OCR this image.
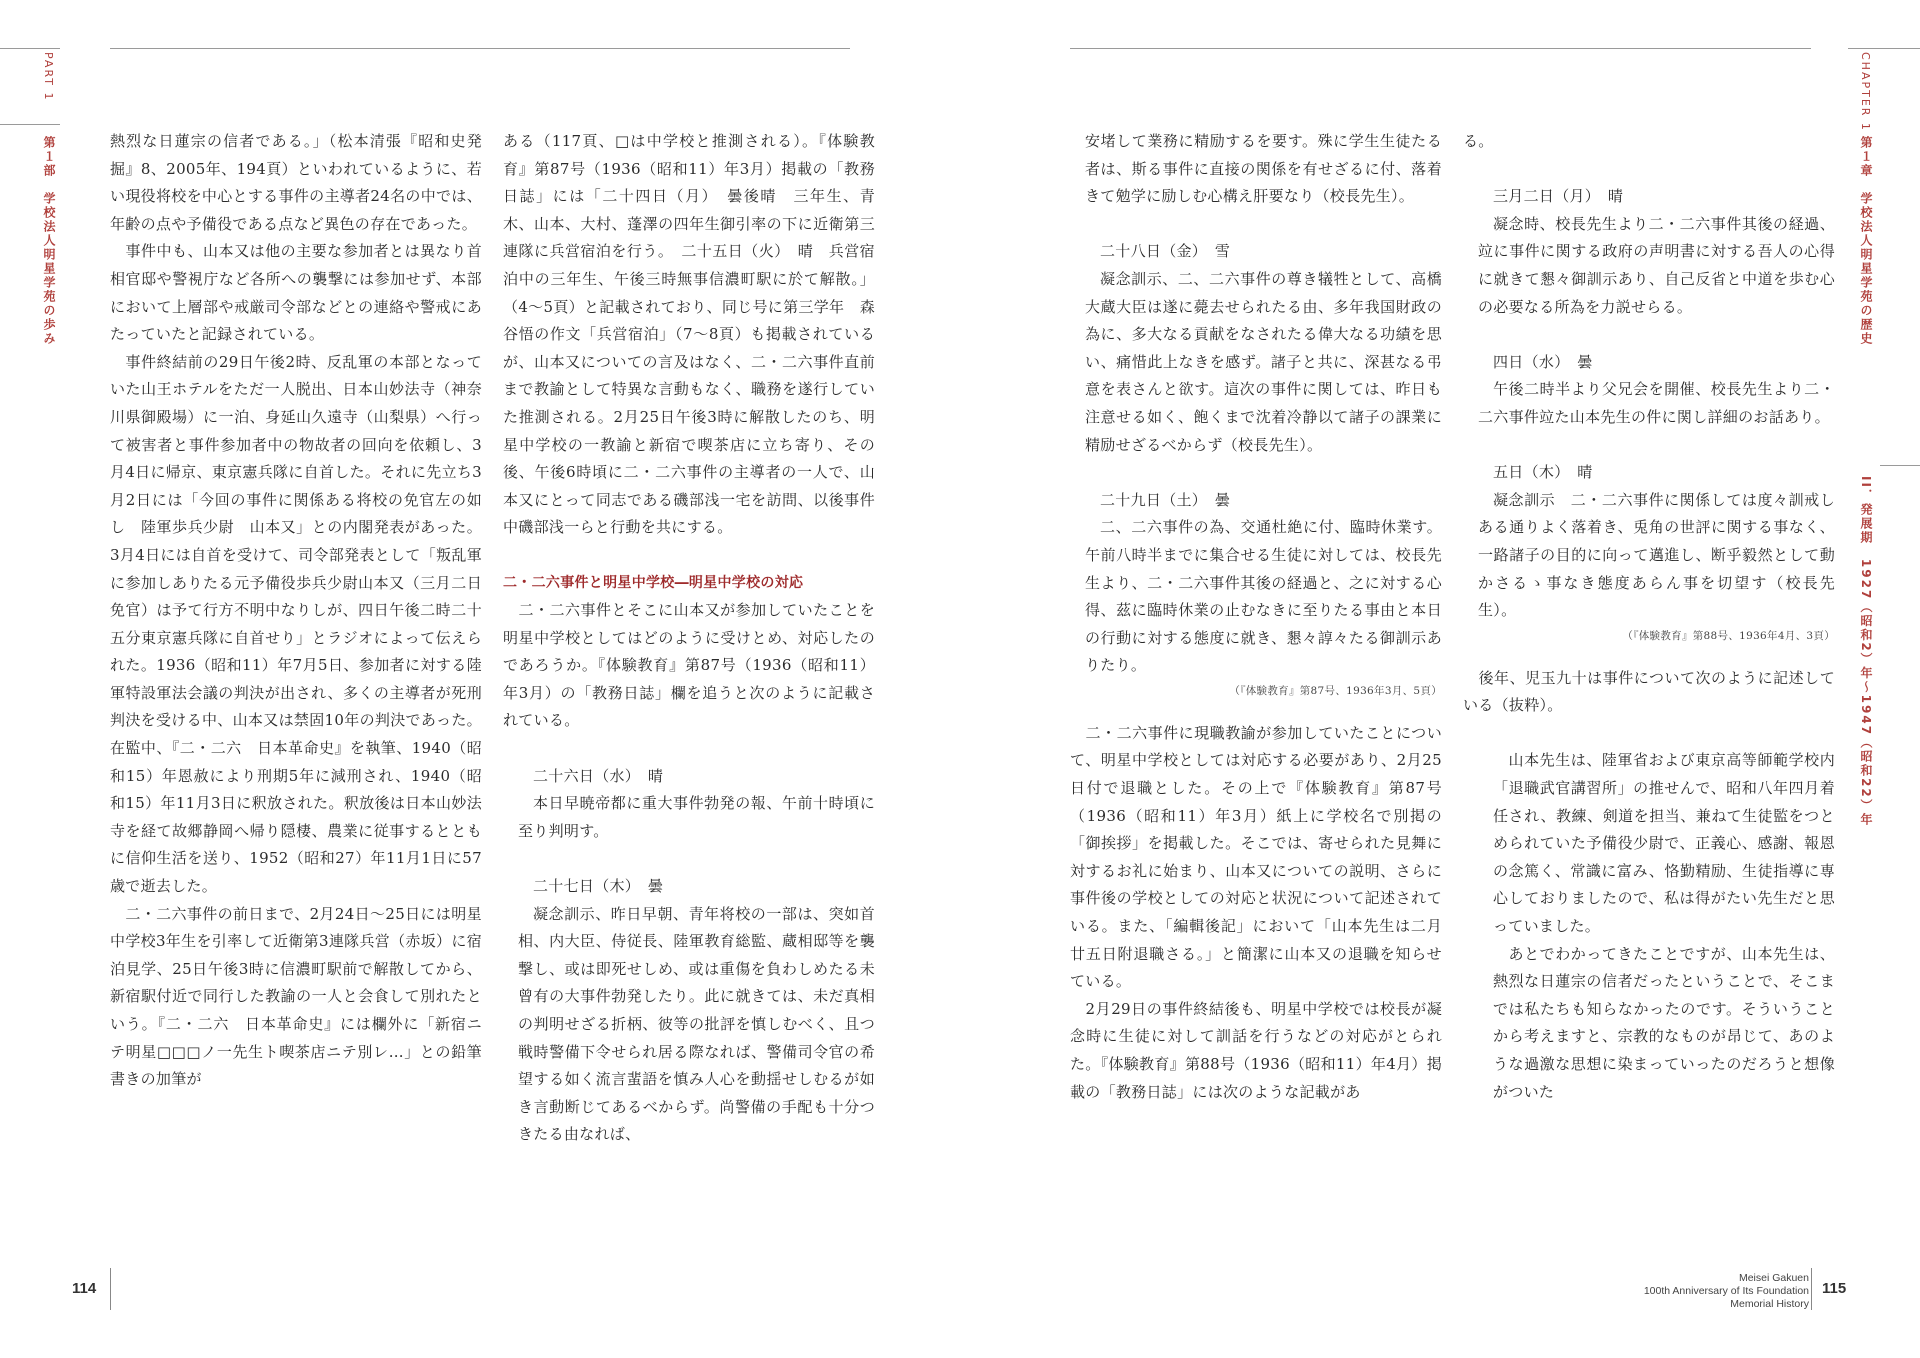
PART 1
第１部　学校法人明星学苑の歩み
CHAPTER 1
第１章　学校法人明星学苑の歴史
II．発展期　1927（昭和2）年〜1947（昭和22）年

熱烈な日蓮宗の信者である。」（松本清張『昭和史発掘』8、2005年、194頁）といわれているように、若い現役将校を中心とする事件の主導者24名の中では、年齢の点や予備役である点など異色の存在であった。

　事件中も、山本又は他の主要な参加者とは異なり首相官邸や警視庁など各所への襲撃には参加せず、本部において上層部や戒厳司令部などとの連絡や警戒にあたっていたと記録されている。

　事件終結前の29日午後2時、反乱軍の本部となっていた山王ホテルをただ一人脱出、日本山妙法寺（神奈川県御殿場）に一泊、身延山久遠寺（山梨県）へ行って被害者と事件参加者中の物故者の回向を依頼し、3月4日に帰京、東京憲兵隊に自首した。それに先立ち3月2日には「今回の事件に関係ある将校の免官左の如し　陸軍歩兵少尉　山本又」との内閣発表があった。3月4日には自首を受けて、司令部発表として「叛乱軍に参加しありたる元予備役歩兵少尉山本又（三月二日免官）は予て行方不明中なりしが、四日午後二時二十五分東京憲兵隊に自首せり」とラジオによって伝えられた。1936（昭和11）年7月5日、参加者に対する陸軍特設軍法会議の判決が出され、多くの主導者が死刑判決を受ける中、山本又は禁固10年の判決であった。在監中、『二・二六　日本革命史』を執筆、1940（昭和15）年恩赦により刑期5年に減刑され、1940（昭和15）年11月3日に釈放された。釈放後は日本山妙法寺を経て故郷静岡へ帰り隠棲、農業に従事するとともに信仰生活を送り、1952（昭和27）年11月1日に57歳で逝去した。

　二・二六事件の前日まで、2月24日～25日には明星中学校3年生を引率して近衛第3連隊兵営（赤坂）に宿泊見学、25日午後3時に信濃町駅前で解散してから、新宿駅付近で同行した教諭の一人と会食して別れたという。『二・二六　日本革命史』には欄外に「新宿ニテ明星□□□ノ一先生ト喫茶店ニテ別レ…」との鉛筆書きの加筆が

ある（117頁、□は中学校と推測される）。『体験教育』第87号（1936（昭和11）年3月）掲載の「教務日誌」には「二十四日（月）　曇後晴　三年生、青木、山本、大村、蓬澤の四年生御引率の下に近衛第三連隊に兵営宿泊を行う。　二十五日（火）　晴　兵営宿泊中の三年生、午後三時無事信濃町駅に於て解散。」（4～5頁）と記載されており、同じ号に第三学年　森谷悟の作文「兵営宿泊」（7～8頁）も掲載されているが、山本又についての言及はなく、二・二六事件直前まで教諭として特異な言動もなく、職務を遂行していた推測される。2月25日午後3時に解散したのち、明星中学校の一教諭と新宿で喫茶店に立ち寄り、その後、午後6時頃に二・二六事件の主導者の一人で、山本又にとって同志である磯部浅一宅を訪問、以後事件中磯部浅一らと行動を共にする。

二・二六事件と明星中学校―明星中学校の対応

　二・二六事件とそこに山本又が参加していたことを明星中学校としてはどのように受けとめ、対応したのであろうか。『体験教育』第87号（1936（昭和11）年3月）の「教務日誌」欄を追うと次のように記載されている。

二十六日（水）　晴

本日早暁帝都に重大事件勃発の報、午前十時頃に至り判明す。

二十七日（木）　曇

凝念訓示、昨日早朝、青年将校の一部は、突如首相、内大臣、侍従長、陸軍教育総監、蔵相邸等を襲撃し、或は即死せしめ、或は重傷を負わしめたる未曾有の大事件勃発したり。此に就きては、未だ真相の判明せざる折柄、彼等の批評を慎しむべく、且つ戦時警備下令せられ居る際なれば、警備司令官の希望する如く流言蜚語を慎み人心を動揺せしむるが如き言動断じてあるべからず。尚警備の手配も十分つきたる由なれば、

安堵して業務に精励するを要す。殊に学生生徒たる者は、斯る事件に直接の関係を有せざるに付、落着きて勉学に励しむ心構え肝要なり（校長先生）。

二十八日（金）　雪

凝念訓示、二、二六事件の尊き犠牲として、高橋大蔵大臣は遂に薨去せられたる由、多年我国財政の為に、多大なる貢献をなされたる偉大なる功績を思い、痛惜此上なきを感ず。諸子と共に、深甚なる弔意を表さんと欲す。這次の事件に関しては、昨日も注意せる如く、飽くまで沈着冷静以て諸子の課業に精励せざるべからず（校長先生）。

二十九日（土）　曇

二、二六事件の為、交通杜絶に付、臨時休業す。午前八時半までに集合せる生徒に対しては、校長先生より、二・二六事件其後の経過と、之に対する心得、茲に臨時休業の止むなきに至りたる事由と本日の行動に対する態度に就き、懇々諄々たる御訓示ありたり。

（『体験教育』第87号、1936年3月、5頁）

　二・二六事件に現職教諭が参加していたことについて、明星中学校としては対応する必要があり、2月25日付で退職とした。その上で『体験教育』第87号（1936（昭和11）年3月）紙上に学校名で別掲の「御挨拶」を掲載した。そこでは、寄せられた見舞に対するお礼に始まり、山本又についての説明、さらに事件後の学校としての対応と状況について記述されている。また、「編輯後記」において「山本先生は二月廿五日附退職さる。」と簡潔に山本又の退職を知らせている。

　2月29日の事件終結後も、明星中学校では校長が凝念時に生徒に対して訓話を行うなどの対応がとられた。『体験教育』第88号（1936（昭和11）年4月）掲載の「教務日誌」には次のような記載があ

る。

三月二日（月）　晴

凝念時、校長先生より二・二六事件其後の経過、竝に事件に関する政府の声明書に対する吾人の心得に就きて懇々御訓示あり、自己反省と中道を歩む心の必要なる所為を力説せらる。

四日（水）　曇

午後二時半より父兄会を開催、校長先生より二・二六事件竝た山本先生の件に関し詳細のお話あり。

五日（木）　晴

凝念訓示　二・二六事件に関係しては度々訓戒しある通りよく落着き、兎角の世評に関する事なく、一路諸子の目的に向って邁進し、断乎毅然として動かさるゝ事なき態度あらん事を切望す（校長先生）。

（『体験教育』第88号、1936年4月、3頁）

　後年、児玉九十は事件について次のように記述している（抜粋）。

　山本先生は、陸軍省および東京高等師範学校内「退職武官講習所」の推せんで、昭和八年四月着任され、教練、剣道を担当、兼ねて生徒監をつとめられていた予備役少尉で、正義心、感謝、報恩の念篤く、常識に富み、恪勤精励、生徒指導に専心しておりましたので、私は得がたい先生だと思っていました。

　あとでわかってきたことですが、山本先生は、熱烈な日蓮宗の信者だったということで、そこまでは私たちも知らなかったのです。そういうことから考えますと、宗教的なものが昂じて、あのような過激な思想に染まっていったのだろうと想像がついた

114
Meisei Gakuen
100th Anniversary of Its Foundation
Memorial History
115
